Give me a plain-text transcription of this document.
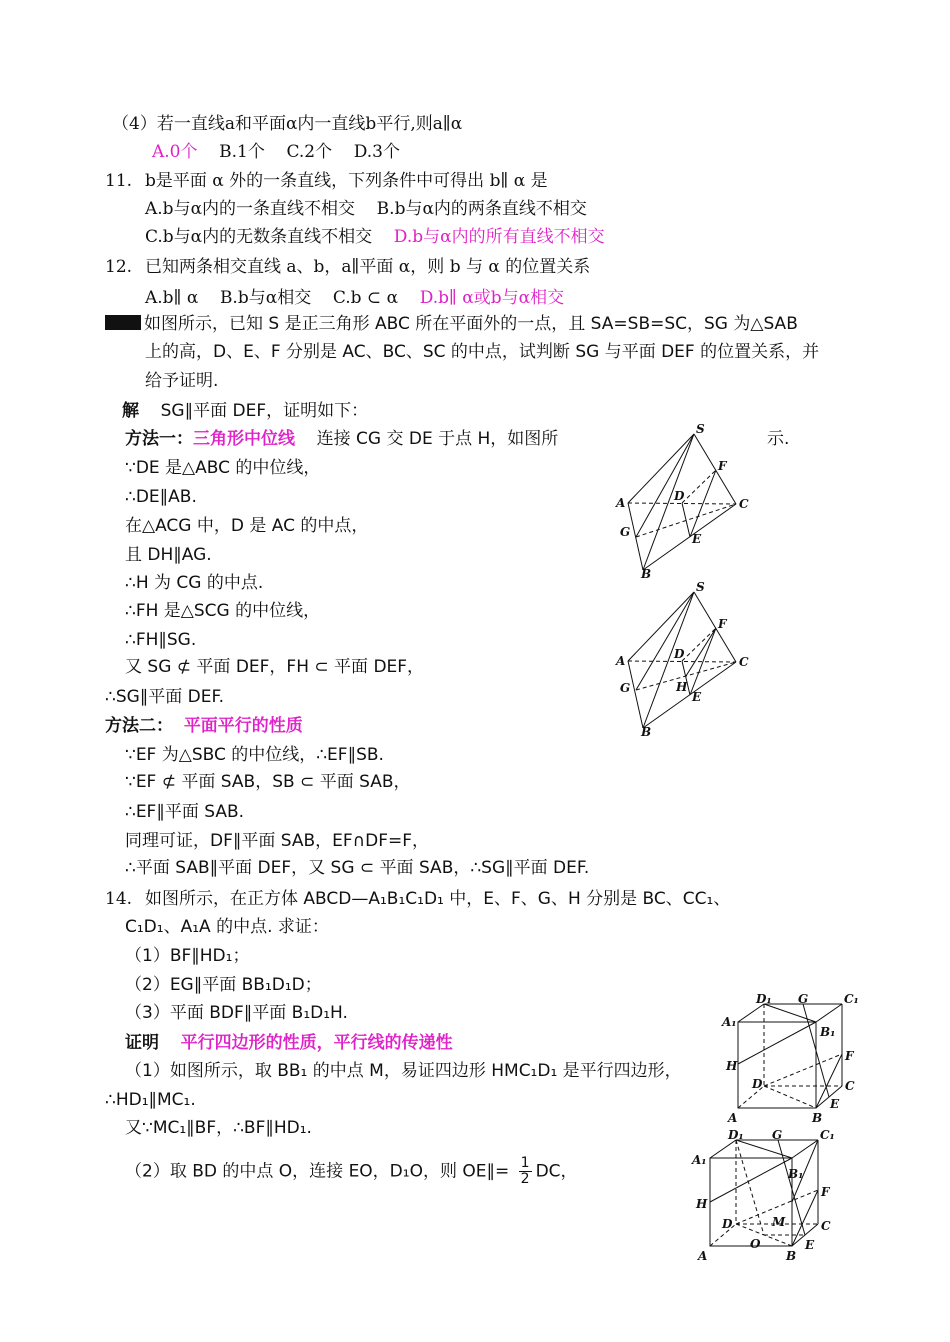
（4）若一直线a和平面α内一直线b平行,则a∥α
A.0个 B.1个 C.2个 D.3个
11. b是平面 α 外的一条直线，下列条件中可得出 b∥ α 是
A.b与α内的一条直线不相交 B.b与α内的两条直线不相交
C.b与α内的无数条直线不相交 D.b与α内的所有直线不相交
12. 已知两条相交直线 a、b，a∥平面 α，则 b 与 α 的位置关系
A.b∥ α B.b与α相交 C.b ⊂ α D.b∥ α或b与α相交
如图所示，已知 S 是正三角形 ABC 所在平面外的一点，且 SA=SB=SC，SG 为△SAB
上的高，D、E、F 分别是 AC、BC、SC 的中点，试判断 SG 与平面 DEF 的位置关系，并
给予证明.
解 SG∥平面 DEF，证明如下：
方法一：三角形中位线 连接 CG 交 DE 于点 H，如图所	示.
∵DE 是△ABC 的中位线，
∴DE∥AB.
在△ACG 中，D 是 AC 的中点，
且 DH∥AG.
∴H 为 CG 的中点.
∴FH 是△SCG 的中位线，
∴FH∥SG.
又 SG ⊄ 平面 DEF，FH ⊂ 平面 DEF，
∴SG∥平面 DEF.
方法二： 平面平行的性质
∵EF 为△SBC 的中位线，∴EF∥SB.
∵EF ⊄ 平面 SAB，SB ⊂ 平面 SAB，
∴EF∥平面 SAB.
同理可证，DF∥平面 SAB，EF∩DF=F，
∴平面 SAB∥平面 DEF，又 SG ⊂ 平面 SAB，∴SG∥平面 DEF.
14. 如图所示，在正方体 ABCD—A₁B₁C₁D₁ 中，E、F、G、H 分别是 BC、CC₁、
C₁D₁、A₁A 的中点. 求证：
（1）BF∥HD₁；
（2）EG∥平面 BB₁D₁D；
（3）平面 BDF∥平面 B₁D₁H.
证明 平行四边形的性质，平行线的传递性
（1）如图所示，取 BB₁ 的中点 M，易证四边形 HMC₁D₁ 是平行四边形，
∴HD₁∥MC₁.
又∵MC₁∥BF，∴BF∥HD₁.
（2）取 BD 的中点 O，连接 EO，D₁O，则 OE∥= $\frac{1}{2}$ DC，
S
A
G
B
C
D
E
F
S
A
G
B
C
D
H
E
F
D₁ G	C₁
A₁
B₁
H
F
D	C
E
A	B
D₁ G	C₁
A₁
B₁
H
F
D	M	C
O	E
A	B
